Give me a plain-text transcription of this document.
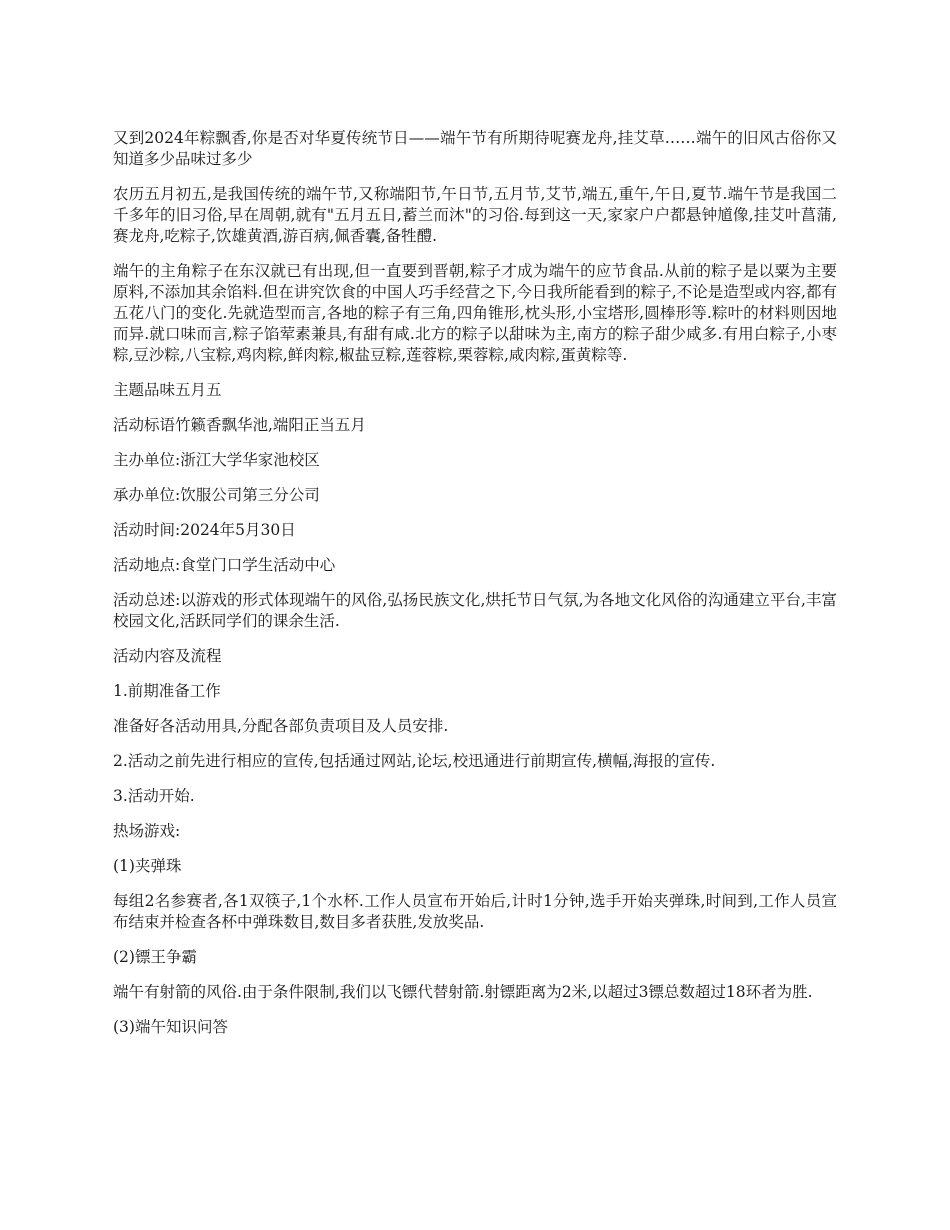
又到2024年粽飘香,你是否对华夏传统节日——端午节有所期待呢赛龙舟,挂艾草……端午的旧风古俗你又知道多少品味过多少

农历五月初五,是我国传统的端午节,又称端阳节,午日节,五月节,艾节,端五,重午,午日,夏节.端午节是我国二千多年的旧习俗,早在周朝,就有"五月五日,蓄兰而沐"的习俗.每到这一天,家家户户都悬钟馗像,挂艾叶菖蒲,赛龙舟,吃粽子,饮雄黄酒,游百病,佩香囊,备牲醴.

端午的主角粽子在东汉就已有出现,但一直要到晋朝,粽子才成为端午的应节食品.从前的粽子是以粟为主要原料,不添加其余馅料.但在讲究饮食的中国人巧手经营之下,今日我所能看到的粽子,不论是造型或内容,都有五花八门的变化.先就造型而言,各地的粽子有三角,四角锥形,枕头形,小宝塔形,圆棒形等.粽叶的材料则因地而异.就口味而言,粽子馅荤素兼具,有甜有咸.北方的粽子以甜味为主,南方的粽子甜少咸多.有用白粽子,小枣粽,豆沙粽,八宝粽,鸡肉粽,鲜肉粽,椒盐豆粽,莲蓉粽,栗蓉粽,咸肉粽,蛋黄粽等.

主题品味五月五

活动标语竹籁香飘华池,端阳正当五月

主办单位:浙江大学华家池校区

承办单位:饮服公司第三分公司

活动时间:2024年5月30日

活动地点:食堂门口学生活动中心

活动总述:以游戏的形式体现端午的风俗,弘扬民族文化,烘托节日气氛,为各地文化风俗的沟通建立平台,丰富校园文化,活跃同学们的课余生活.

活动内容及流程

1.前期准备工作

准备好各活动用具,分配各部负责项目及人员安排.

2.活动之前先进行相应的宣传,包括通过网站,论坛,校迅通进行前期宣传,横幅,海报的宣传.

3.活动开始.

热场游戏:

(1)夹弹珠

每组2名参赛者,各1双筷子,1个水杯.工作人员宣布开始后,计时1分钟,选手开始夹弹珠,时间到,工作人员宣布结束并检查各杯中弹珠数目,数目多者获胜,发放奖品.

(2)镖王争霸

端午有射箭的风俗.由于条件限制,我们以飞镖代替射箭.射镖距离为2米,以超过3镖总数超过18环者为胜.

(3)端午知识问答
